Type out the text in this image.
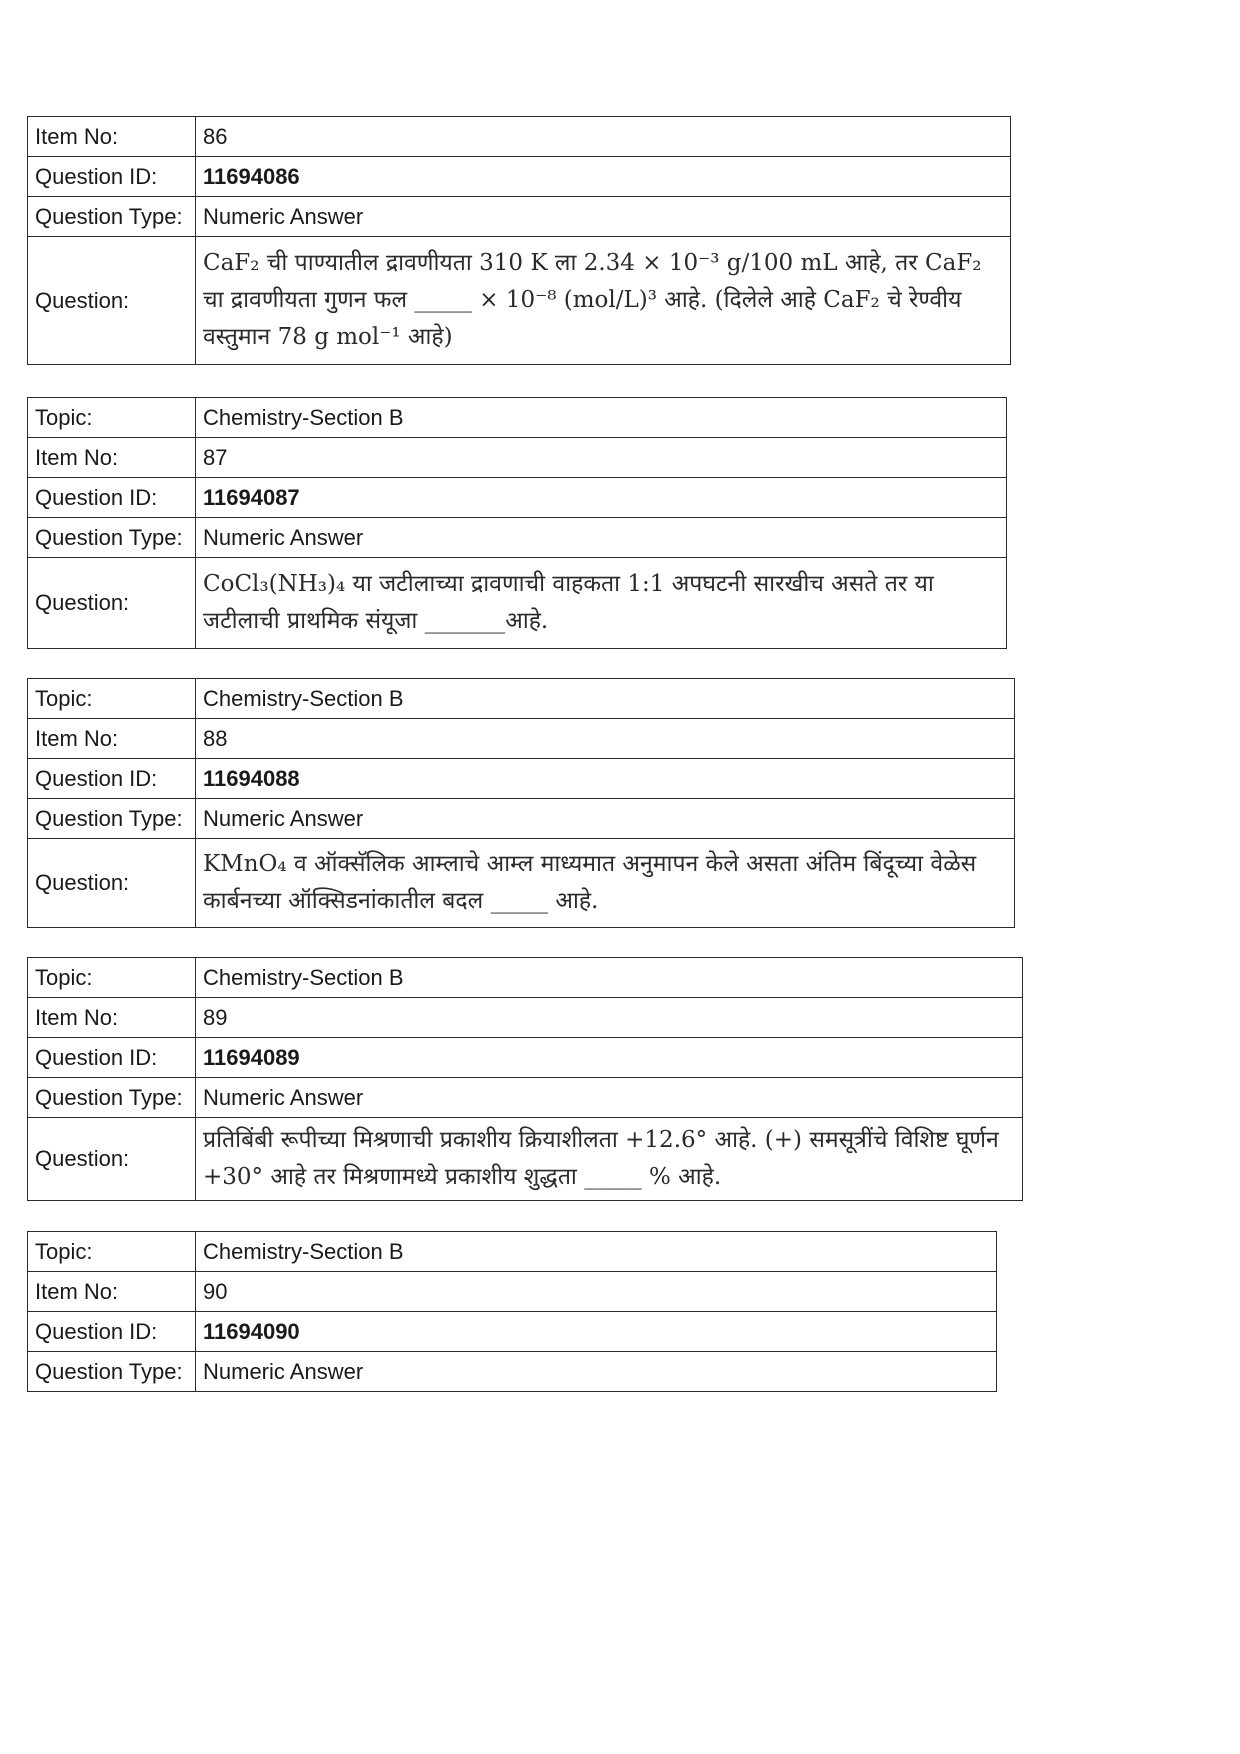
Item No:	86
Question ID:	11694086
Question Type:	Numeric Answer
Question:	CaF₂ ची पाण्यातील द्रावणीयता 310 K ला 2.34 × 10⁻³ g/100 mL आहे, तर CaF₂ चा द्रावणीयता गुणन फल _____ × 10⁻⁸ (mol/L)³ आहे. (दिलेले आहे CaF₂ चे रेण्वीय वस्तुमान 78 g mol⁻¹ आहे)
Topic:	Chemistry-Section B
Item No:	87
Question ID:	11694087
Question Type:	Numeric Answer
Question:	CoCl₃(NH₃)₄ या जटीलाच्या द्रावणाची वाहकता 1:1 अपघटनी सारखीच असते तर या जटीलाची प्राथमिक संयूजा _______आहे.
Topic:	Chemistry-Section B
Item No:	88
Question ID:	11694088
Question Type:	Numeric Answer
Question:	KMnO₄ व ऑक्सॅलिक आम्लाचे आम्ल माध्यमात अनुमापन केले असता अंतिम बिंदूच्या वेळेस कार्बनच्या ऑक्सिडनांकातील बदल _____ आहे.
Topic:	Chemistry-Section B
Item No:	89
Question ID:	11694089
Question Type:	Numeric Answer
Question:	प्रतिबिंबी रूपीच्या मिश्रणाची प्रकाशीय क्रियाशीलता +12.6° आहे. (+) समसूत्रींचे विशिष्ट घूर्णन +30° आहे तर मिश्रणामध्ये प्रकाशीय शुद्धता _____ % आहे.
Topic:	Chemistry-Section B
Item No:	90
Question ID:	11694090
Question Type:	Numeric Answer
